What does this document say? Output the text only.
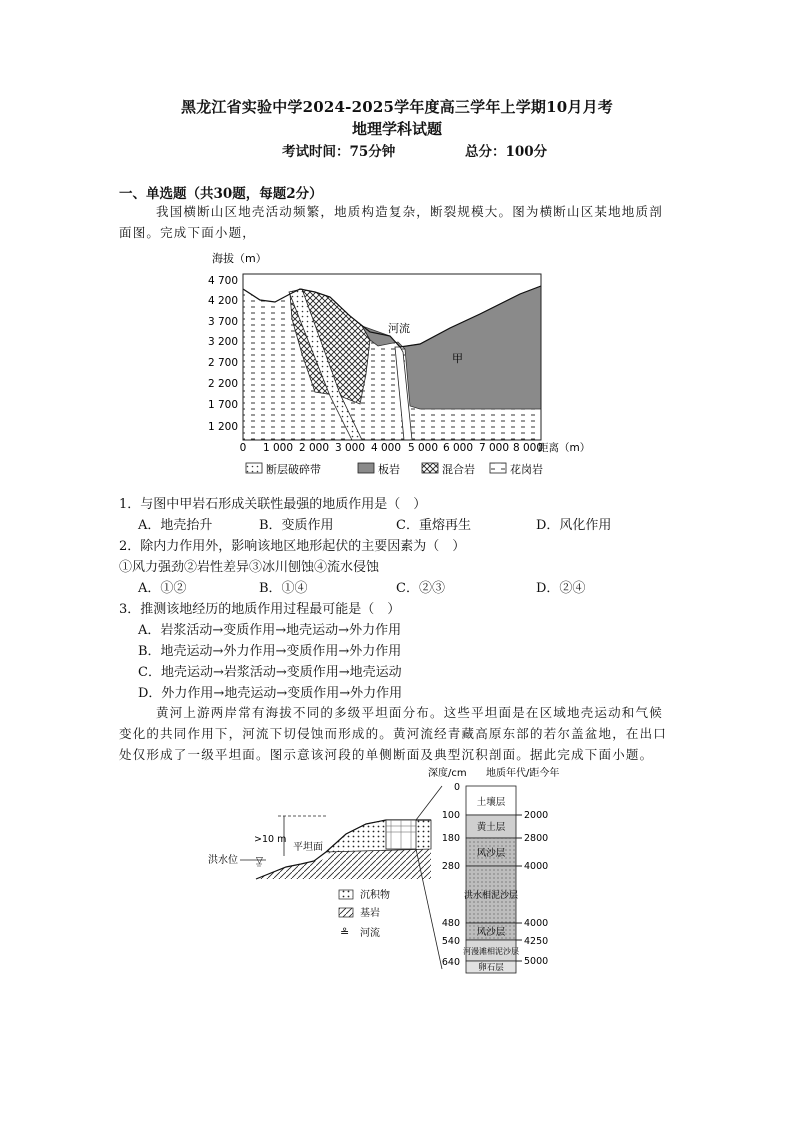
黑龙江省实验中学2024-2025学年度高三学年上学期10月月考
地理学科试题
考试时间：75分钟	总分：100分
一、单选题（共30题，每题2分）
我国横断山区地壳活动频繁，地质构造复杂，断裂规模大。图为横断山区某地地质剖
面图。完成下面小题，
海拔（m）
河流
甲
4 700
4 200
3 700
3 200
2 700
2 200
1 700
1 200
0 1 000 2 000 3 000 4 000 5 000 6 000 7 000 8 000
距离（m）
断层破碎带	板岩	混合岩	花岗岩
1．与图中甲岩石形成关联性最强的地质作用是（　）
A．地壳抬升	B．变质作用	C．重熔再生	D．风化作用
2．除内力作用外，影响该地区地形起伏的主要因素为（　）
①风力强劲②岩性差异③冰川刨蚀④流水侵蚀
A．①②	B．①④	C．②③	D．②④
3．推测该地经历的地质作用过程最可能是（　）
A．岩浆活动→变质作用→地壳运动→外力作用
B．地壳运动→外力作用→变质作用→外力作用
C．地壳运动→岩浆活动→变质作用→地壳运动
D．外力作用→地壳运动→变质作用→外力作用
黄河上游两岸常有海拔不同的多级平坦面分布。这些平坦面是在区域地壳运动和气候
变化的共同作用下，河流下切侵蚀而形成的。黄河流经青藏高原东部的若尔盖盆地，在出口
处仅形成了一级平坦面。图示意该河段的单侧断面及典型沉积剖面。据此完成下面小题。
深度/cm 地质年代/距今年
>10 m
平坦面
洪水位 ▽
沉积物
基岩
≗ 河流
土壤层
黄土层
风沙层
洪水相泥沙层
风沙层
河漫滩相泥沙层
卵石层
0
100
180
280
480
540
640
2000
2800
4000
4000
4250
5000
